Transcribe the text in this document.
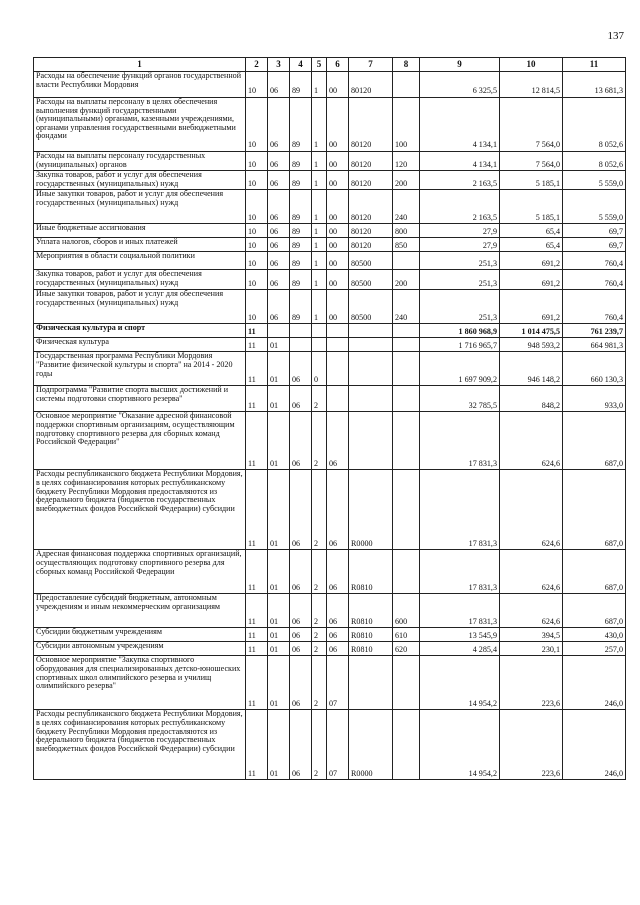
137
1	2	3	4	5	6	7	8	9	10	11
Расходы на обеспечение функций органов государственной власти Республики Мордовия	10	06	89	1	00	80120		6 325,5	12 814,5	13 681,3
Расходы на выплаты персоналу в целях обеспечения выполнения функций государственными (муниципальными) органами, казенными учреждениями, органами управления государственными внебюджетными фондами	10	06	89	1	00	80120	100	4 134,1	7 564,0	8 052,6
Расходы на выплаты персоналу государственных (муниципальных) органов	10	06	89	1	00	80120	120	4 134,1	7 564,0	8 052,6
Закупка товаров, работ и услуг для обеспечения государственных (муниципальных) нужд	10	06	89	1	00	80120	200	2 163,5	5 185,1	5 559,0
Иные закупки товаров, работ и услуг для обеспечения государственных (муниципальных) нужд	10	06	89	1	00	80120	240	2 163,5	5 185,1	5 559,0
Иные бюджетные ассигнования	10	06	89	1	00	80120	800	27,9	65,4	69,7
Уплата налогов, сборов и иных платежей	10	06	89	1	00	80120	850	27,9	65,4	69,7
Мероприятия в области социальной политики	10	06	89	1	00	80500		251,3	691,2	760,4
Закупка товаров, работ и услуг для обеспечения государственных (муниципальных) нужд	10	06	89	1	00	80500	200	251,3	691,2	760,4
Иные закупки товаров, работ и услуг для обеспечения государственных (муниципальных) нужд	10	06	89	1	00	80500	240	251,3	691,2	760,4
Физическая культура и спорт	11							1 860 968,9	1 014 475,5	761 239,7
Физическая культура	11	01						1 716 965,7	948 593,2	664 981,3
Государственная программа Республики Мордовия "Развитие физической культуры и спорта" на 2014 - 2020 годы	11	01	06	0				1 697 909,2	946 148,2	660 130,3
Подпрограмма "Развитие спорта высших достижений и системы подготовки спортивного резерва"	11	01	06	2				32 785,5	848,2	933,0
Основное мероприятие "Оказание адресной финансовой поддержки спортивным организациям, осуществляющим подготовку спортивного резерва для сборных команд Российской Федерации"	11	01	06	2	06			17 831,3	624,6	687,0
Расходы республиканского бюджета Республики Мордовия, в целях софинансирования которых республиканскому бюджету Республики Мордовия предоставляются из федерального бюджета (бюджетов государственных внебюджетных фондов Российской Федерации) субсидии	11	01	06	2	06	R0000		17 831,3	624,6	687,0
Адресная финансовая поддержка спортивных организаций, осуществляющих подготовку спортивного резерва для сборных команд Российской Федерации	11	01	06	2	06	R0810		17 831,3	624,6	687,0
Предоставление субсидий бюджетным, автономным учреждениям и иным некоммерческим организациям	11	01	06	2	06	R0810	600	17 831,3	624,6	687,0
Субсидии бюджетным учреждениям	11	01	06	2	06	R0810	610	13 545,9	394,5	430,0
Субсидии автономным учреждениям	11	01	06	2	06	R0810	620	4 285,4	230,1	257,0
Основное мероприятие "Закупка спортивного оборудования для специализированных детско-юношеских спортивных школ олимпийского резерва и училищ олимпийского резерва"	11	01	06	2	07			14 954,2	223,6	246,0
Расходы республиканского бюджета Республики Мордовия, в целях софинансирования которых республиканскому бюджету Республики Мордовия предоставляются из федерального бюджета (бюджетов государственных внебюджетных фондов Российской Федерации) субсидии	11	01	06	2	07	R0000		14 954,2	223,6	246,0
